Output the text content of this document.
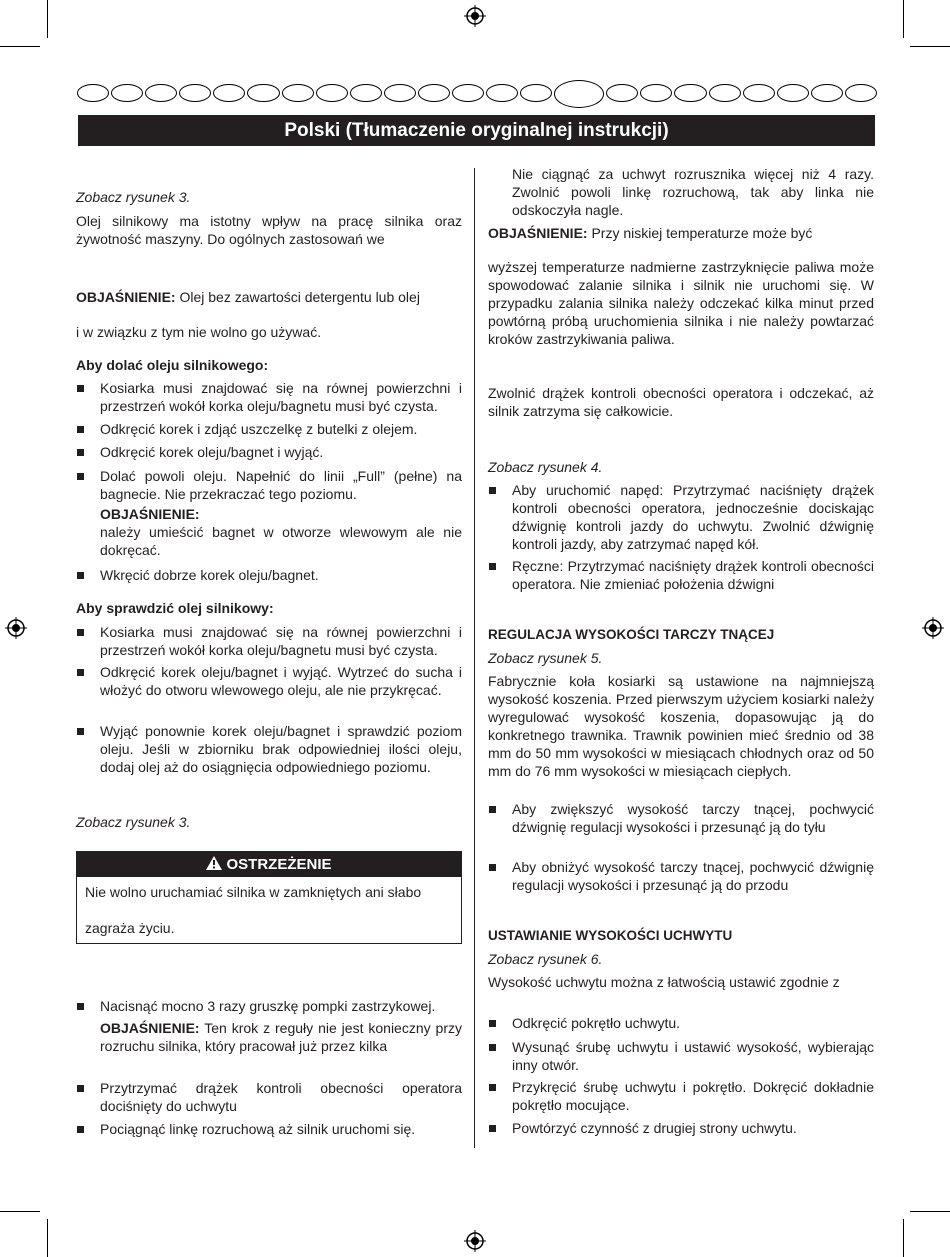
Polski (Tłumaczenie oryginalnej instrukcji)
Zobacz rysunek 3.
Olej silnikowy ma istotny wpływ na pracę silnika oraz żywotność maszyny. Do ogólnych zastosowań we
OBJAŚNIENIE: Olej bez zawartości detergentu lub olej
i w związku z tym nie wolno go używać.
Aby dolać oleju silnikowego:
Kosiarka musi znajdować się na równej powierzchni i przestrzeń wokół korka oleju/bagnetu musi być czysta.
Odkręcić korek i zdjąć uszczelkę z butelki z olejem.
Odkręcić korek oleju/bagnet i wyjąć.
Dolać powoli oleju. Napełnić do linii „Full” (pełne) na bagnecie. Nie przekraczać tego poziomu.
OBJAŚNIENIE:
należy umieścić bagnet w otworze wlewowym ale nie dokręcać.
Wkręcić dobrze korek oleju/bagnet.
Aby sprawdzić olej silnikowy:
Kosiarka musi znajdować się na równej powierzchni i przestrzeń wokół korka oleju/bagnetu musi być czysta.
Odkręcić korek oleju/bagnet i wyjąć. Wytrzeć do sucha i włożyć do otworu wlewowego oleju, ale nie przykręcać.
Wyjąć ponownie korek oleju/bagnet i sprawdzić poziom oleju. Jeśli w zbiorniku brak odpowiedniej ilości oleju, dodaj olej aż do osiągnięcia odpowiedniego poziomu.
Zobacz rysunek 3.
OSTRZEŻENIE
Nie wolno uruchamiać silnika w zamkniętych ani słabo
zagraża życiu.
Nacisnąć mocno 3 razy gruszkę pompki zastrzykowej.
OBJAŚNIENIE: Ten krok z reguły nie jest konieczny przy rozruchu silnika, który pracował już przez kilka
Przytrzymać drążek kontroli obecności operatora dociśnięty do uchwytu
Pociągnąć linkę rozruchową aż silnik uruchomi się.
Nie ciągnąć za uchwyt rozrusznika więcej niż 4 razy. Zwolnić powoli linkę rozruchową, tak aby linka nie odskoczyła nagle.
OBJAŚNIENIE: Przy niskiej temperaturze może być
wyższej temperaturze nadmierne zastrzyknięcie paliwa może spowodować zalanie silnika i silnik nie uruchomi się. W przypadku zalania silnika należy odczekać kilka minut przed powtórną próbą uruchomienia silnika i nie należy powtarzać kroków zastrzykiwania paliwa.
Zwolnić drążek kontroli obecności operatora i odczekać, aż silnik zatrzyma się całkowicie.
Zobacz rysunek 4.
Aby uruchomić napęd: Przytrzymać naciśnięty drążek kontroli obecności operatora, jednocześnie dociskając dźwignię kontroli jazdy do uchwytu. Zwolnić dźwignię kontroli jazdy, aby zatrzymać napęd kół.
Ręczne: Przytrzymać naciśnięty drążek kontroli obecności operatora. Nie zmieniać położenia dźwigni
REGULACJA WYSOKOŚCI TARCZY TNĄCEJ
Zobacz rysunek 5.
Fabrycznie koła kosiarki są ustawione na najmniejszą wysokość koszenia. Przed pierwszym użyciem kosiarki należy wyregulować wysokość koszenia, dopasowując ją do konkretnego trawnika. Trawnik powinien mieć średnio od 38 mm do 50 mm wysokości w miesiącach chłodnych oraz od 50 mm do 76 mm wysokości w miesiącach ciepłych.
Aby zwiększyć wysokość tarczy tnącej, pochwycić dźwignię regulacji wysokości i przesunąć ją do tyłu
Aby obniżyć wysokość tarczy tnącej, pochwycić dźwignię regulacji wysokości i przesunąć ją do przodu
USTAWIANIE WYSOKOŚCI UCHWYTU
Zobacz rysunek 6.
Wysokość uchwytu można z łatwością ustawić zgodnie z
Odkręcić pokrętło uchwytu.
Wysunąć śrubę uchwytu i ustawić wysokość, wybierając inny otwór.
Przykręcić śrubę uchwytu i pokrętło. Dokręcić dokładnie pokrętło mocujące.
Powtórzyć czynność z drugiej strony uchwytu.
